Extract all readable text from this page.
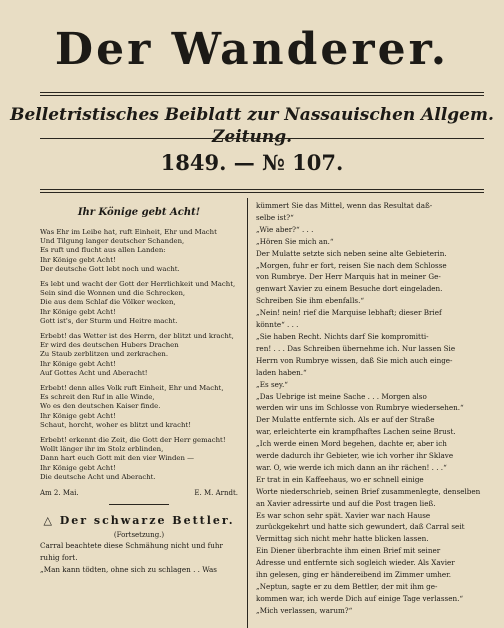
Der Wanderer.
Belletristisches Beiblatt zur Nassauischen Allgem. Zeitung.
1849. — № 107.
Ihr Könige gebt Acht!
Was Ehr im Leibe hat, ruft Einheit, Ehr und Macht
Und Tilgung langer deutscher Schanden,
Es ruft und flucht aus allen Landen:
Ihr Könige gebt Acht!
Der deutsche Gott lebt noch und wacht.
Es lebt und wacht der Gott der Herrlichkeit und Macht,
Sein sind die Wonnen und die Schrecken,
Die aus dem Schlaf die Völker wecken,
Ihr Könige gebt Acht!
Gott ist's, der Sturm und Heitre macht.
Erbebt! das Wetter ist des Herrn, der blitzt und kracht,
Er wird des deutschen Hubers Drachen
Zu Staub zerblitzen und zerkrachen.
Ihr Könige gebt Acht!
Auf Gottes Acht und Aberacht!
Erbebt! denn alles Volk ruft Einheit, Ehr und Macht,
Es schreit den Ruf in alle Winde,
Wo es den deutschen Kaiser finde.
Ihr Könige gebt Acht!
Schaut, horcht, woher es blitzt und kracht!
Erbebt! erkennt die Zeit, die Gott der Herr gemacht!
Wollt länger ihr im Stolz erblinden,
Dann hart euch Gott mit den vier Winden —
Ihr Könige gebt Acht!
Die deutsche Acht und Aberacht.
Am 2. Mai.	E. M. Arndt.
△ Der schwarze Bettler.
(Fortsetzung.)
Carral beachtete diese Schmähung nicht und fuhr
ruhig fort.
„Man kann tödten, ohne sich zu schlagen . . Was
kümmert Sie das Mittel, wenn das Resultat daß-
selbe ist?“
„Wie aber?“ . . .
„Hören Sie mich an.“
Der Mulatte setzte sich neben seine alte Gebieterin.
„Morgen, fuhr er fort, reisen Sie nach dem Schlosse
von Rumbrye. Der Herr Marquis hat in meiner Ge-
genwart Xavier zu einem Besuche dort eingeladen.
Schreiben Sie ihm ebenfalls.“
„Nein! nein! rief die Marquise lebhaft; dieser Brief
könnte“ . . .
„Sie haben Recht. Nichts darf Sie kompromitti-
ren! . . . Das Schreiben übernehme ich. Nur lassen Sie
Herrn von Rumbrye wissen, daß Sie mich auch einge-
laden haben.“
„Es sey.“
„Das Uebrige ist meine Sache . . . Morgen also
werden wir uns im Schlosse von Rumbrye wiedersehen.“
Der Mulatte entfernte sich. Als er auf der Straße
war, erleichterte ein krampfhaftes Lachen seine Brust.
„Ich werde einen Mord begehen, dachte er, aber ich
werde dadurch ihr Gebieter, wie ich vorher ihr Sklave
war. O, wie werde ich mich dann an ihr rächen! . . .“
Er trat in ein Kaffeehaus, wo er schnell einige
Worte niederschrieb, seinen Brief zusammenlegte, denselben
an Xavier adressirte und auf die Post tragen ließ.
Es war schon sehr spät. Xavier war nach Hause
zurückgekehrt und hatte sich gewundert, daß Carral seit
Vermittag sich nicht mehr hatte blicken lassen.
Ein Diener überbrachte ihm einen Brief mit seiner
Adresse und entfernte sich sogleich wieder. Als Xavier
ihn gelesen, ging er händereibend im Zimmer umher.
„Neptun, sagte er zu dem Bettler, der mit ihm ge-
kommen war, ich werde Dich auf einige Tage verlassen.“
„Mich verlassen, warum?“
